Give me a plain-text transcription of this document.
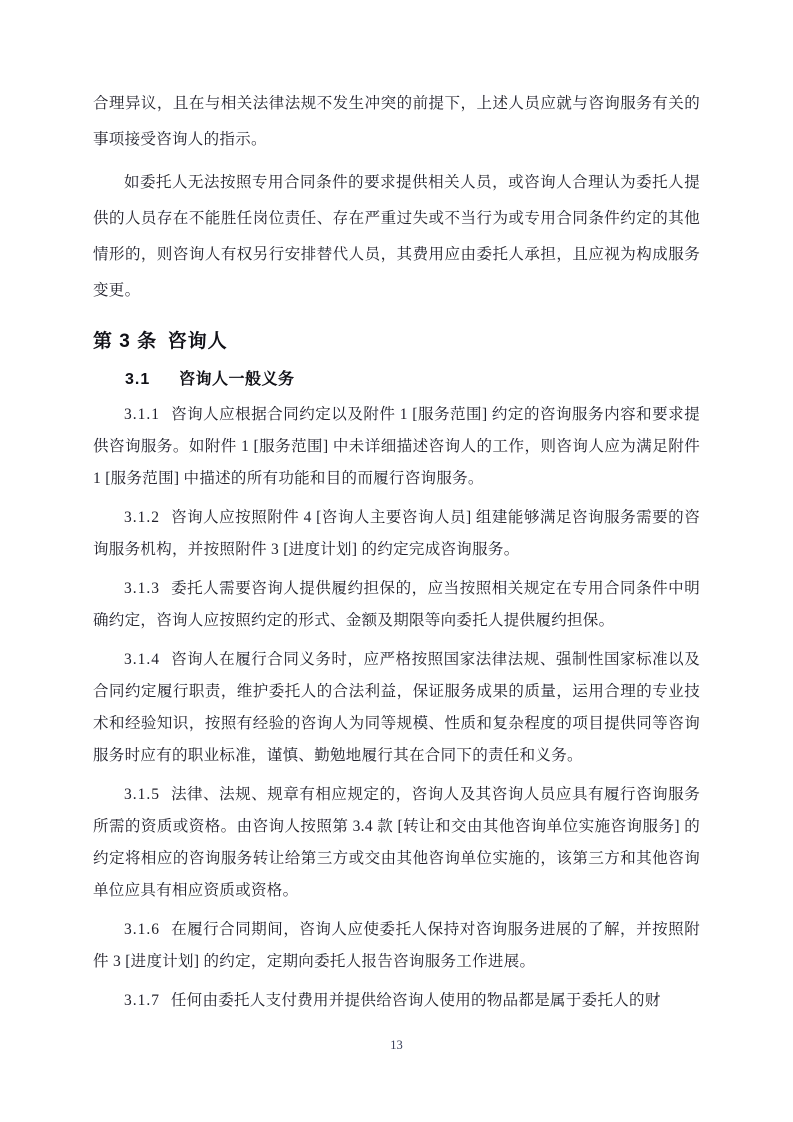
合理异议，且在与相关法律法规不发生冲突的前提下，上述人员应就与咨询服务有关的事项接受咨询人的指示。

如委托人无法按照专用合同条件的要求提供相关人员，或咨询人合理认为委托人提供的人员存在不能胜任岗位责任、存在严重过失或不当行为或专用合同条件约定的其他情形的，则咨询人有权另行安排替代人员，其费用应由委托人承担，且应视为构成服务变更。

第 3 条 咨询人
3.1 咨询人一般义务

3.1.1 咨询人应根据合同约定以及附件 1 [服务范围] 约定的咨询服务内容和要求提供咨询服务。如附件 1 [服务范围] 中未详细描述咨询人的工作，则咨询人应为满足附件 1 [服务范围] 中描述的所有功能和目的而履行咨询服务。

3.1.2 咨询人应按照附件 4 [咨询人主要咨询人员] 组建能够满足咨询服务需要的咨询服务机构，并按照附件 3 [进度计划] 的约定完成咨询服务。

3.1.3 委托人需要咨询人提供履约担保的，应当按照相关规定在专用合同条件中明确约定，咨询人应按照约定的形式、金额及期限等向委托人提供履约担保。

3.1.4 咨询人在履行合同义务时，应严格按照国家法律法规、强制性国家标准以及合同约定履行职责，维护委托人的合法利益，保证服务成果的质量，运用合理的专业技术和经验知识，按照有经验的咨询人为同等规模、性质和复杂程度的项目提供同等咨询服务时应有的职业标准，谨慎、勤勉地履行其在合同下的责任和义务。

3.1.5 法律、法规、规章有相应规定的，咨询人及其咨询人员应具有履行咨询服务所需的资质或资格。由咨询人按照第 3.4 款 [转让和交由其他咨询单位实施咨询服务] 的约定将相应的咨询服务转让给第三方或交由其他咨询单位实施的，该第三方和其他咨询单位应具有相应资质或资格。

3.1.6 在履行合同期间，咨询人应使委托人保持对咨询服务进展的了解，并按照附件 3 [进度计划] 的约定，定期向委托人报告咨询服务工作进展。

3.1.7 任何由委托人支付费用并提供给咨询人使用的物品都是属于委托人的财

13
